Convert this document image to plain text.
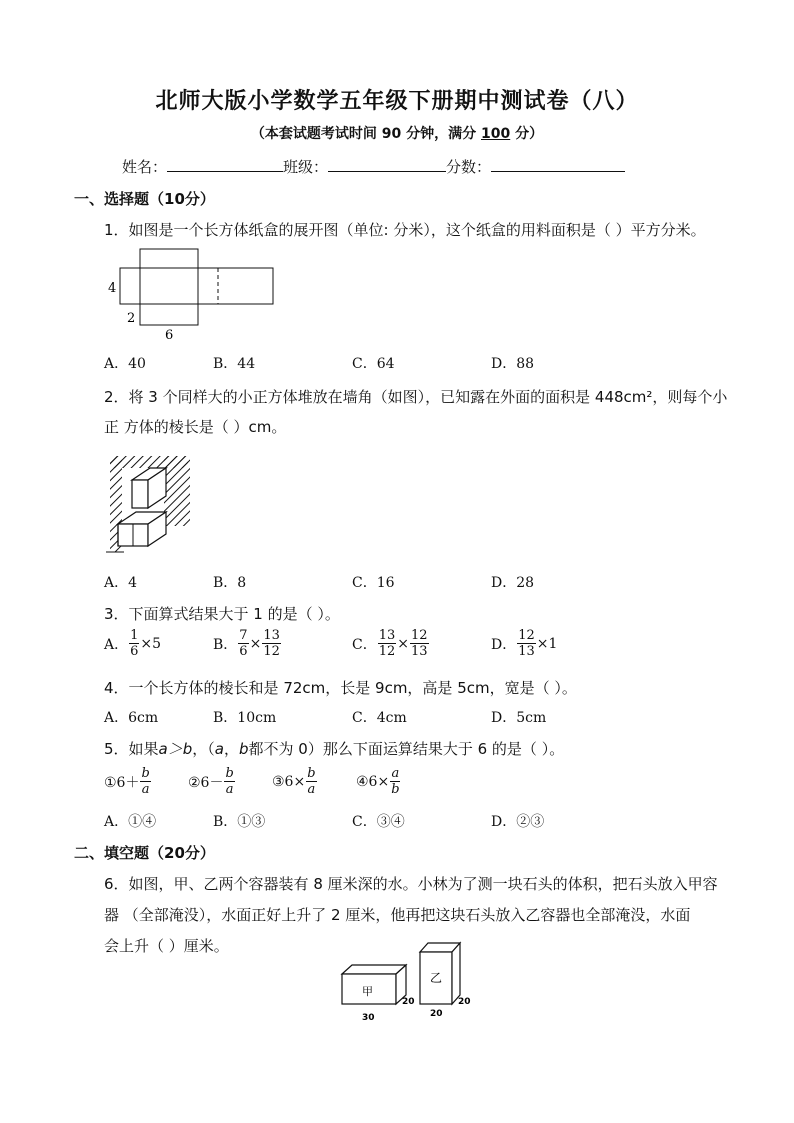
北师大版小学数学五年级下册期中测试卷（八）
（本套试题考试时间 90 分钟，满分 100 分）
姓名：	班级：	分数：
一、选择题（10分）
1．如图是一个长方体纸盒的展开图（单位: 分米），这个纸盒的用料面积是（ ）平方分米。
4
2
6
A．40	B．44	C．64	D．88
2．将 3 个同样大的小正方体堆放在墙角（如图），已知露在外面的面积是 448cm²，则每个小
正 方体的棱长是（ ）cm。
A．4	B．8	C．16	D．28
3．下面算式结果大于 1 的是（ ）。
A． $\frac{1}{6} \times 5$	B． $\frac{7}{6} \times \frac{13}{12}$	C． $\frac{13}{12} \times \frac{12}{13}$	D． $\frac{12}{13} \times 1$
4．一个长方体的棱长和是 72cm，长是 9cm，高是 5cm，宽是（ ）。
A．6cm	B．10cm	C．4cm	D．5cm
5．如果a＞b，（a，b都不为 0）那么下面运算结果大于 6 的是（ ）。
①6＋ $\frac{b}{a}$	②6－ $\frac{b}{a}$	③6× $\frac{b}{a}$	④6× $\frac{a}{b}$
A．①④	B．①③	C．③④	D．②③
二、填空题（20分）
6．如图，甲、乙两个容器装有 8 厘米深的水。小林为了测一块石头的体积，把石头放入甲容
器 （全部淹没），水面正好上升了 2 厘米，他再把这块石头放入乙容器也全部淹没，水面
会上升（ ）厘米。
甲
乙
30
20
20
20
